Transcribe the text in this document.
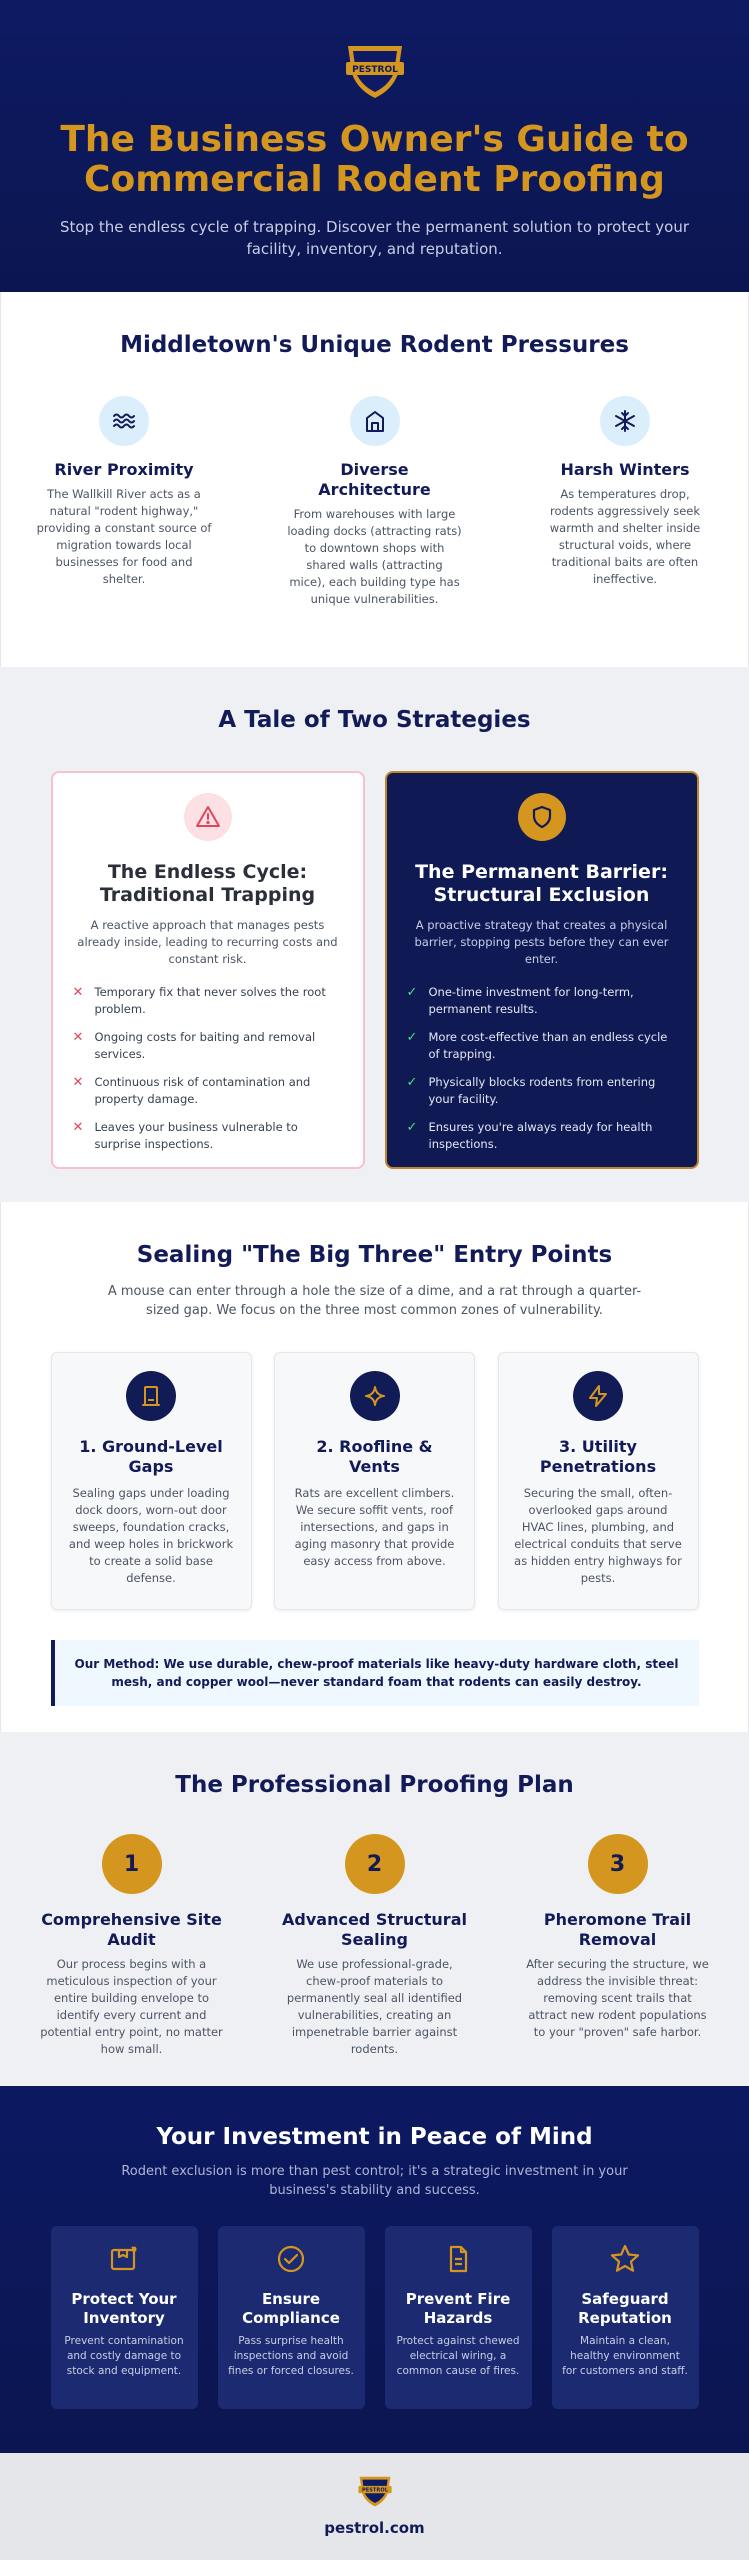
PESTROL
The Business Owner's Guide to Commercial Rodent Proofing

Stop the endless cycle of trapping. Discover the permanent solution to protect your facility, inventory, and reputation.

Middletown's Unique Rodent Pressures
River Proximity

The Wallkill River acts as a natural "rodent highway," providing a constant source of migration towards local businesses for food and shelter.

Diverse Architecture

From warehouses with large loading docks (attracting rats) to downtown shops with shared walls (attracting mice), each building type has unique vulnerabilities.

Harsh Winters

As temperatures drop, rodents aggressively seek warmth and shelter inside structural voids, where traditional baits are often ineffective.

A Tale of Two Strategies
The Endless Cycle: Traditional Trapping

A reactive approach that manages pests already inside, leading to recurring costs and constant risk.

✕ Temporary fix that never solves the root problem.
✕ Ongoing costs for baiting and removal services.
✕ Continuous risk of contamination and property damage.
✕ Leaves your business vulnerable to surprise inspections.
The Permanent Barrier: Structural Exclusion

A proactive strategy that creates a physical barrier, stopping pests before they can ever enter.

✓ One-time investment for long-term, permanent results.
✓ More cost-effective than an endless cycle of trapping.
✓ Physically blocks rodents from entering your facility.
✓ Ensures you're always ready for health inspections.
Sealing "The Big Three" Entry Points

A mouse can enter through a hole the size of a dime, and a rat through a quarter-sized gap. We focus on the three most common zones of vulnerability.

1. Ground-Level Gaps

Sealing gaps under loading dock doors, worn-out door sweeps, foundation cracks, and weep holes in brickwork to create a solid base defense.

2. Roofline & Vents

Rats are excellent climbers. We secure soffit vents, roof intersections, and gaps in aging masonry that provide easy access from above.

3. Utility Penetrations

Securing the small, often-overlooked gaps around HVAC lines, plumbing, and electrical conduits that serve as hidden entry highways for pests.

Our Method: We use durable, chew-proof materials like heavy-duty hardware cloth, steel mesh, and copper wool—never standard foam that rodents can easily destroy.
The Professional Proofing Plan
1
Comprehensive Site Audit

Our process begins with a meticulous inspection of your entire building envelope to identify every current and potential entry point, no matter how small.

2
Advanced Structural Sealing

We use professional-grade, chew-proof materials to permanently seal all identified vulnerabilities, creating an impenetrable barrier against rodents.

3
Pheromone Trail Removal

After securing the structure, we address the invisible threat: removing scent trails that attract new rodent populations to your "proven" safe harbor.

Your Investment in Peace of Mind

Rodent exclusion is more than pest control; it's a strategic investment in your business's stability and success.

Protect Your Inventory

Prevent contamination and costly damage to stock and equipment.

Ensure Compliance

Pass surprise health inspections and avoid fines or forced closures.

Prevent Fire Hazards

Protect against chewed electrical wiring, a common cause of fires.

Safeguard Reputation

Maintain a clean, healthy environment for customers and staff.

PESTROL
pestrol.com
